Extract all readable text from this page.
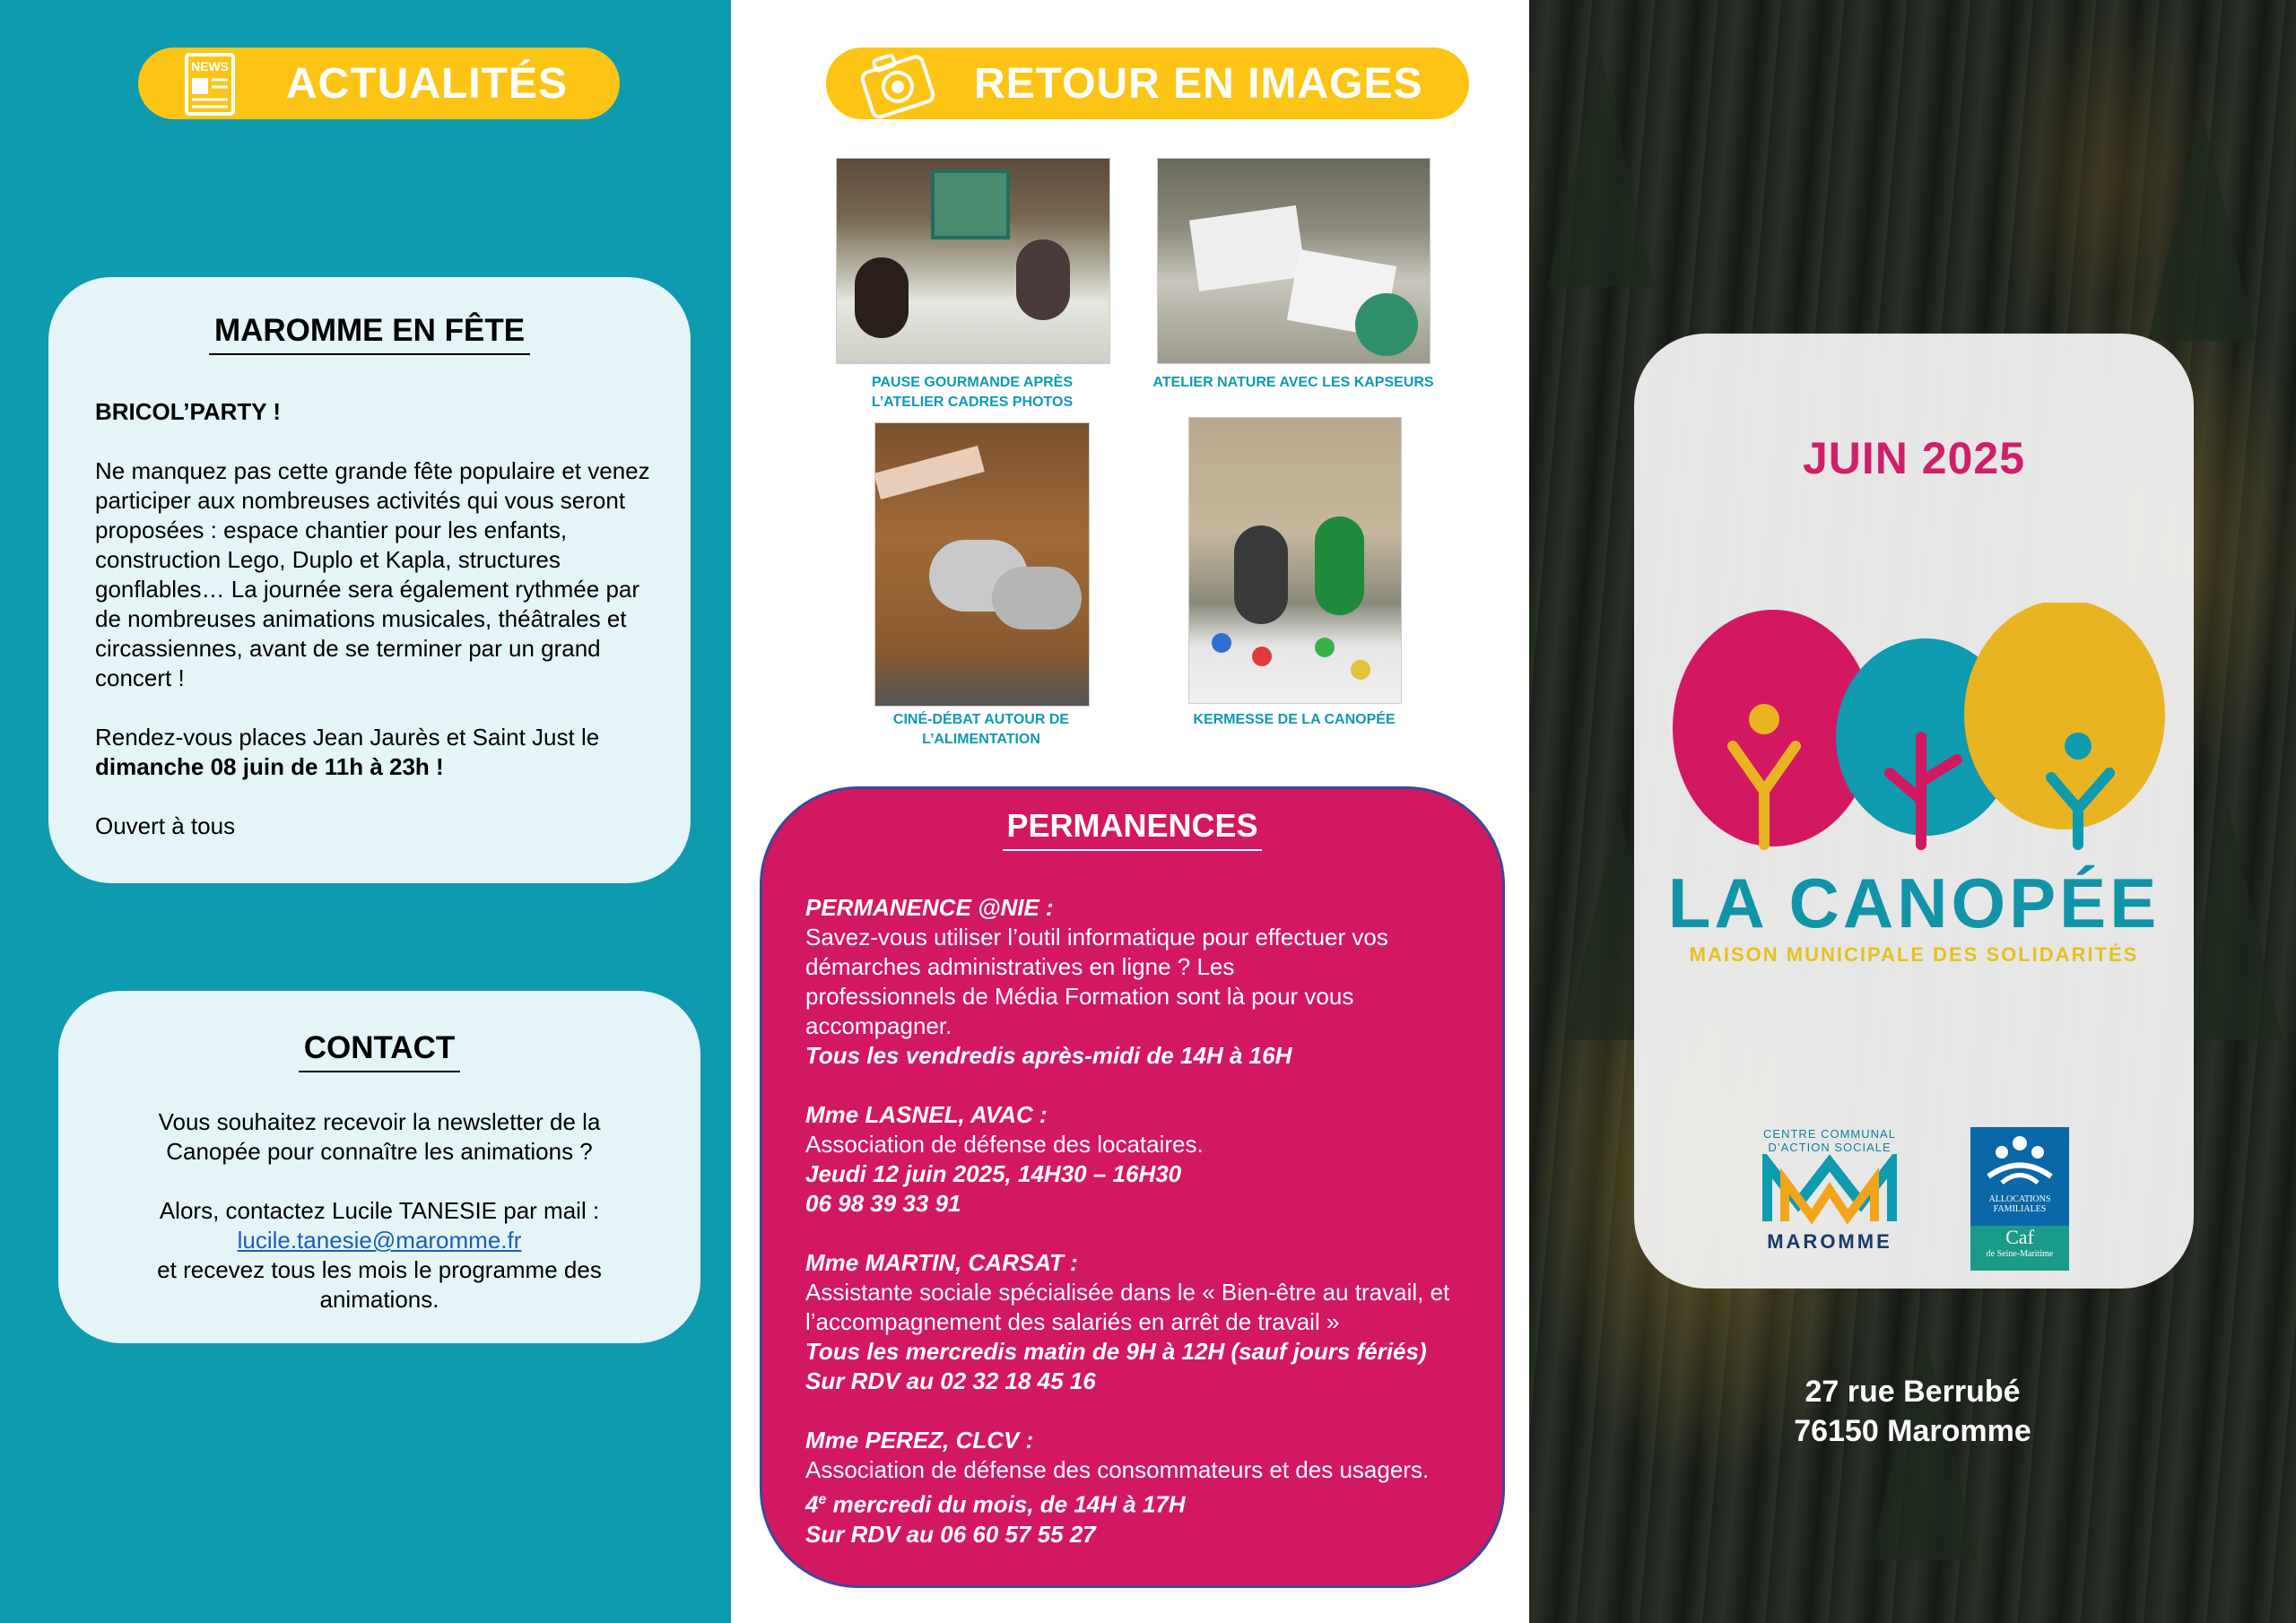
NEWS ACTUALITÉS
MAROMME EN FÊTE

BRICOL’PARTY !

Ne manquez pas cette grande fête populaire et venez participer aux nombreuses activités qui vous seront proposées : espace chantier pour les enfants, construction Lego, Duplo et Kapla, structures gonflables… La journée sera également rythmée par de nombreuses animations musicales, théâtrales et circassiennes, avant de se terminer par un grand concert !

Rendez-vous places Jean Jaurès et Saint Just le dimanche 08 juin de 11h à 23h !

Ouvert à tous

CONTACT

Vous souhaitez recevoir la newsletter de la Canopée pour connaître les animations ?

Alors, contactez Lucile TANESIE par mail :
lucile.tanesie@maromme.fr
et recevez tous les mois le programme des animations.
RETOUR EN IMAGES
PAUSE GOURMANDE APRÈS L’ATELIER CADRES PHOTOS
ATELIER NATURE AVEC LES KAPSEURS
CINÉ-DÉBAT AUTOUR DE L’ALIMENTATION
KERMESSE DE LA CANOPÉE
PERMANENCES
PERMANENCE @NIE :
Savez-vous utiliser l’outil informatique pour effectuer vos démarches administratives en ligne ? Les professionnels de Média Formation sont là pour vous accompagner.
Tous les vendredis après-midi de 14H à 16H
Mme LASNEL, AVAC :
Association de défense des locataires.
Jeudi 12 juin 2025, 14H30 – 16H30
06 98 39 33 91
Mme MARTIN, CARSAT :
Assistante sociale spécialisée dans le « Bien-être au travail, et l’accompagnement des salariés en arrêt de travail »
Tous les mercredis matin de 9H à 12H (sauf jours fériés)
Sur RDV au 02 32 18 45 16
Mme PEREZ, CLCV :
Association de défense des consommateurs et des usagers.
4e mercredi du mois, de 14H à 17H
Sur RDV au 06 60 57 55 27
JUIN 2025
LA CANOPÉE
MAISON MUNICIPALE DES SOLIDARITÉS
CENTRE COMMUNAL
D’ACTION SOCIALE
MAROMME
ALLOCATIONS
FAMILIALES
Caf
de Seine-Maritime
27 rue Berrubé
76150 Maromme
